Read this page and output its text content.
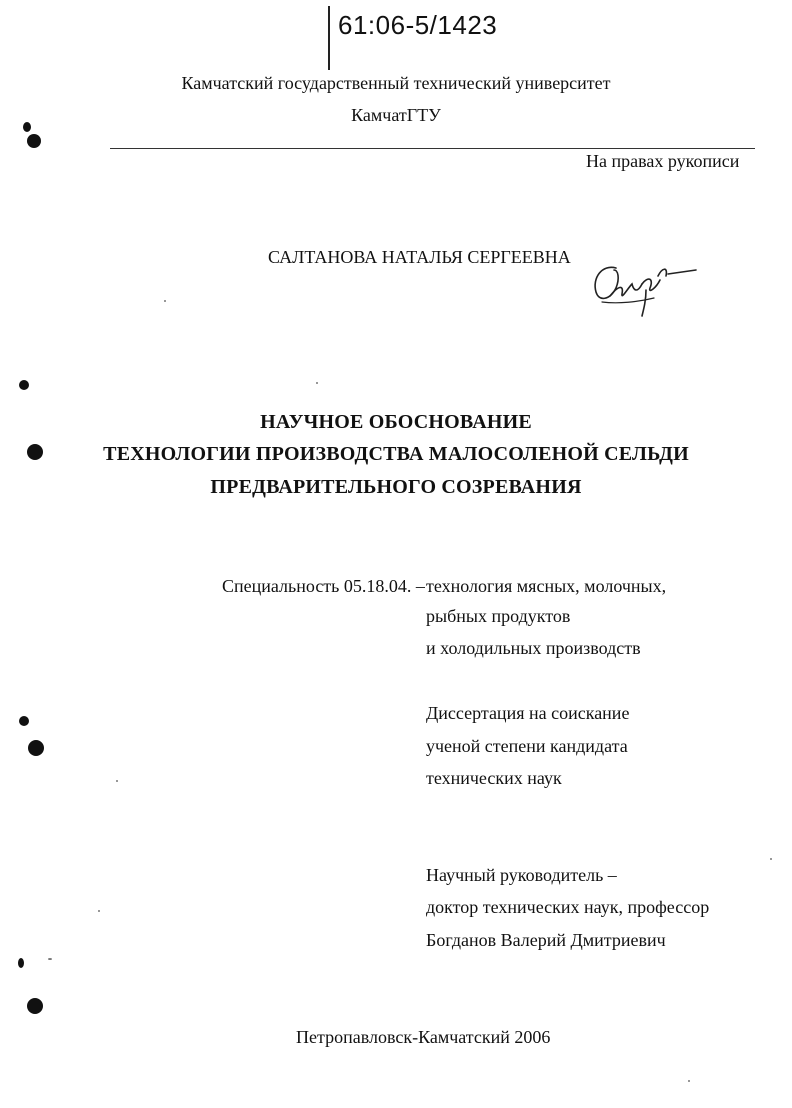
61:06-5/1423
Камчатский государственный технический университет
КамчатГТУ
На правах рукописи
САЛТАНОВА НАТАЛЬЯ СЕРГЕЕВНА
НАУЧНОЕ ОБОСНОВАНИЕ
ТЕХНОЛОГИИ ПРОИЗВОДСТВА МАЛОСОЛЕНОЙ СЕЛЬДИ
ПРЕДВАРИТЕЛЬНОГО СОЗРЕВАНИЯ
Специальность 05.18.04. – технология мясных, молочных,
рыбных продуктов
и холодильных производств
Диссертация на соискание
ученой степени кандидата
технических наук
Научный руководитель –
доктор технических наук, профессор
Богданов Валерий Дмитриевич
Петропавловск-Камчатский 2006
